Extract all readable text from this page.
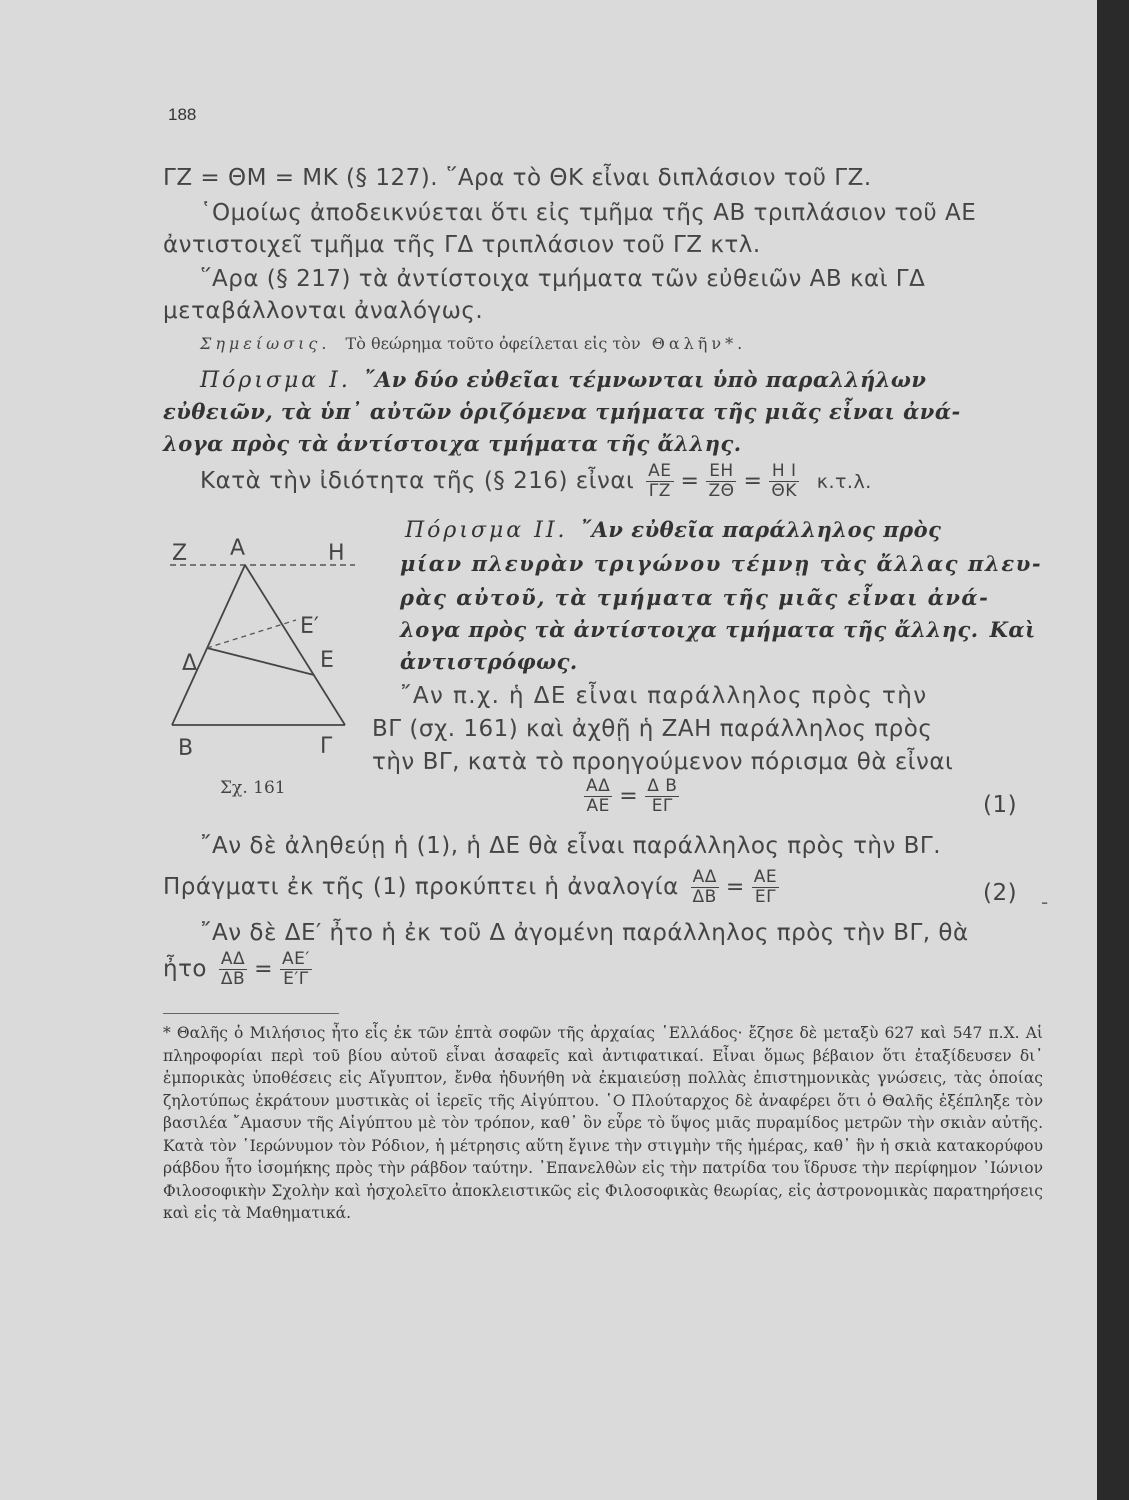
188
ΓΖ = ΘΜ = ΜΚ (§ 127). ῞Αρα τὸ ΘΚ εἶναι διπλάσιον τοῦ ΓΖ.
῾Ομοίως ἀποδεικνύεται ὅτι εἰς τμῆμα τῆς ΑΒ τριπλάσιον τοῦ ΑΕ
ἀντιστοιχεῖ τμῆμα τῆς ΓΔ τριπλάσιον τοῦ ΓΖ κτλ.
῞Αρα (§ 217) τὰ ἀντίστοιχα τμήματα τῶν εὐθειῶν ΑΒ καὶ ΓΔ
μεταβάλλονται ἀναλόγως.
Σημείωσις. Τὸ θεώρημα τοῦτο ὀφείλεται εἰς τὸν Θαλῆν*.
Πόρισμα Ι. ῎Αν δύο εὐθεῖαι τέμνωνται ὑπὸ παραλλήλων
εὐθειῶν, τὰ ὑπ᾿ αὐτῶν ὁριζόμενα τμήματα τῆς μιᾶς εἶναι ἀνά-
λογα πρὸς τὰ ἀντίστοιχα τμήματα τῆς ἄλλης.
Κατὰ τὴν ἰδιότητα τῆς (§ 216) εἶναι $\frac{AE}{\Gamma Z} = \frac{EH}{Z\Theta} = \frac{\text{Η Ι}}{\Theta K} \kappa.\tau.\lambda$.
Ζ Α	Η
Ε′
Δ	Ε
Β	Γ
Σχ. 161
Πόρισμα ΙΙ. ῎Αν εὐθεῖα παράλληλος πρὸς
μίαν πλευρὰν τριγώνου τέμνῃ τὰς ἄλλας πλευ-
ρὰς αὐτοῦ, τὰ τμήματα τῆς μιᾶς εἶναι ἀνά-
λογα πρὸς τὰ ἀντίστοιχα τμήματα τῆς ἄλλης. Καὶ
ἀντιστρόφως.
῎Αν π.χ. ἡ ΔΕ εἶναι παράλληλος πρὸς τὴν
ΒΓ (σχ. 161) καὶ ἀχθῇ ἡ ΖΑΗ παράλληλος πρὸς
τὴν ΒΓ, κατὰ τὸ προηγούμενον πόρισμα θὰ εἶναι
$\frac{A\Delta}{AE} = \frac{\text{Δ Β}}{E\Gamma}$	(1)
῎Αν δὲ ἀληθεύῃ ἡ (1), ἡ ΔΕ θὰ εἶναι παράλληλος πρὸς τὴν ΒΓ.
Πράγματι ἐκ τῆς (1) προκύπτει ἡ ἀναλογία $\frac{A\Delta}{\Delta B} = \frac{AE}{E\Gamma}$	(2) -
῎Αν δὲ ΔΕ′ ἦτο ἡ ἐκ τοῦ Δ ἀγομένη παράλληλος πρὸς τὴν ΒΓ, θὰ
ἦτο $\frac{A\Delta}{\Delta B} = \frac{AE'}{E'\Gamma}$
* Θαλῆς ὁ Μιλήσιος ἦτο εἷς ἐκ τῶν ἑπτὰ σοφῶν τῆς ἀρχαίας ῾Ελλάδος· ἔζησε δὲ μεταξὺ 627 καὶ 547 π.Χ. Αἱ πληροφορίαι περὶ τοῦ βίου αὐτοῦ εἶναι ἀσαφεῖς καὶ ἀντιφατικαί. Εἶναι ὅμως βέβαιον ὅτι ἐταξίδευσεν δι᾿ ἐμπορικὰς ὑποθέσεις εἰς Αἴγυπτον, ἔνθα ἠδυνήθη νὰ ἐκμαιεύσῃ πολλὰς ἐπιστημονικὰς γνώσεις, τὰς ὁποίας ζηλοτύπως ἐκράτουν μυστικὰς οἱ ἱερεῖς τῆς Αἰγύπτου. ῾Ο Πλούταρχος δὲ ἀναφέρει ὅτι ὁ Θαλῆς ἐξέπληξε τὸν βασιλέα ῎Αμασυν τῆς Αἰγύπτου μὲ τὸν τρόπον, καθ᾿ ὃν εὗρε τὸ ὕψος μιᾶς πυραμίδος μετρῶν τὴν σκιὰν αὐτῆς. Κατὰ τὸν ῾Ιερώνυμον τὸν Ρόδιον, ἡ μέτρησις αὕτη ἔγινε τὴν στιγμὴν τῆς ἡμέρας, καθ᾿ ἣν ἡ σκιὰ κατακορύφου ράβδου ἦτο ἰσομήκης πρὸς τὴν ράβδον ταύτην. ᾿Επανελθὼν εἰς τὴν πατρίδα του ἵδρυσε τὴν περίφημον ᾿Ιώνιον Φιλοσοφικὴν Σχολὴν καὶ ἠσχολεῖτο ἀποκλειστικῶς εἰς Φιλοσοφικὰς θεωρίας, εἰς ἀστρονομικὰς παρατηρήσεις καὶ εἰς τὰ Μαθηματικά.
